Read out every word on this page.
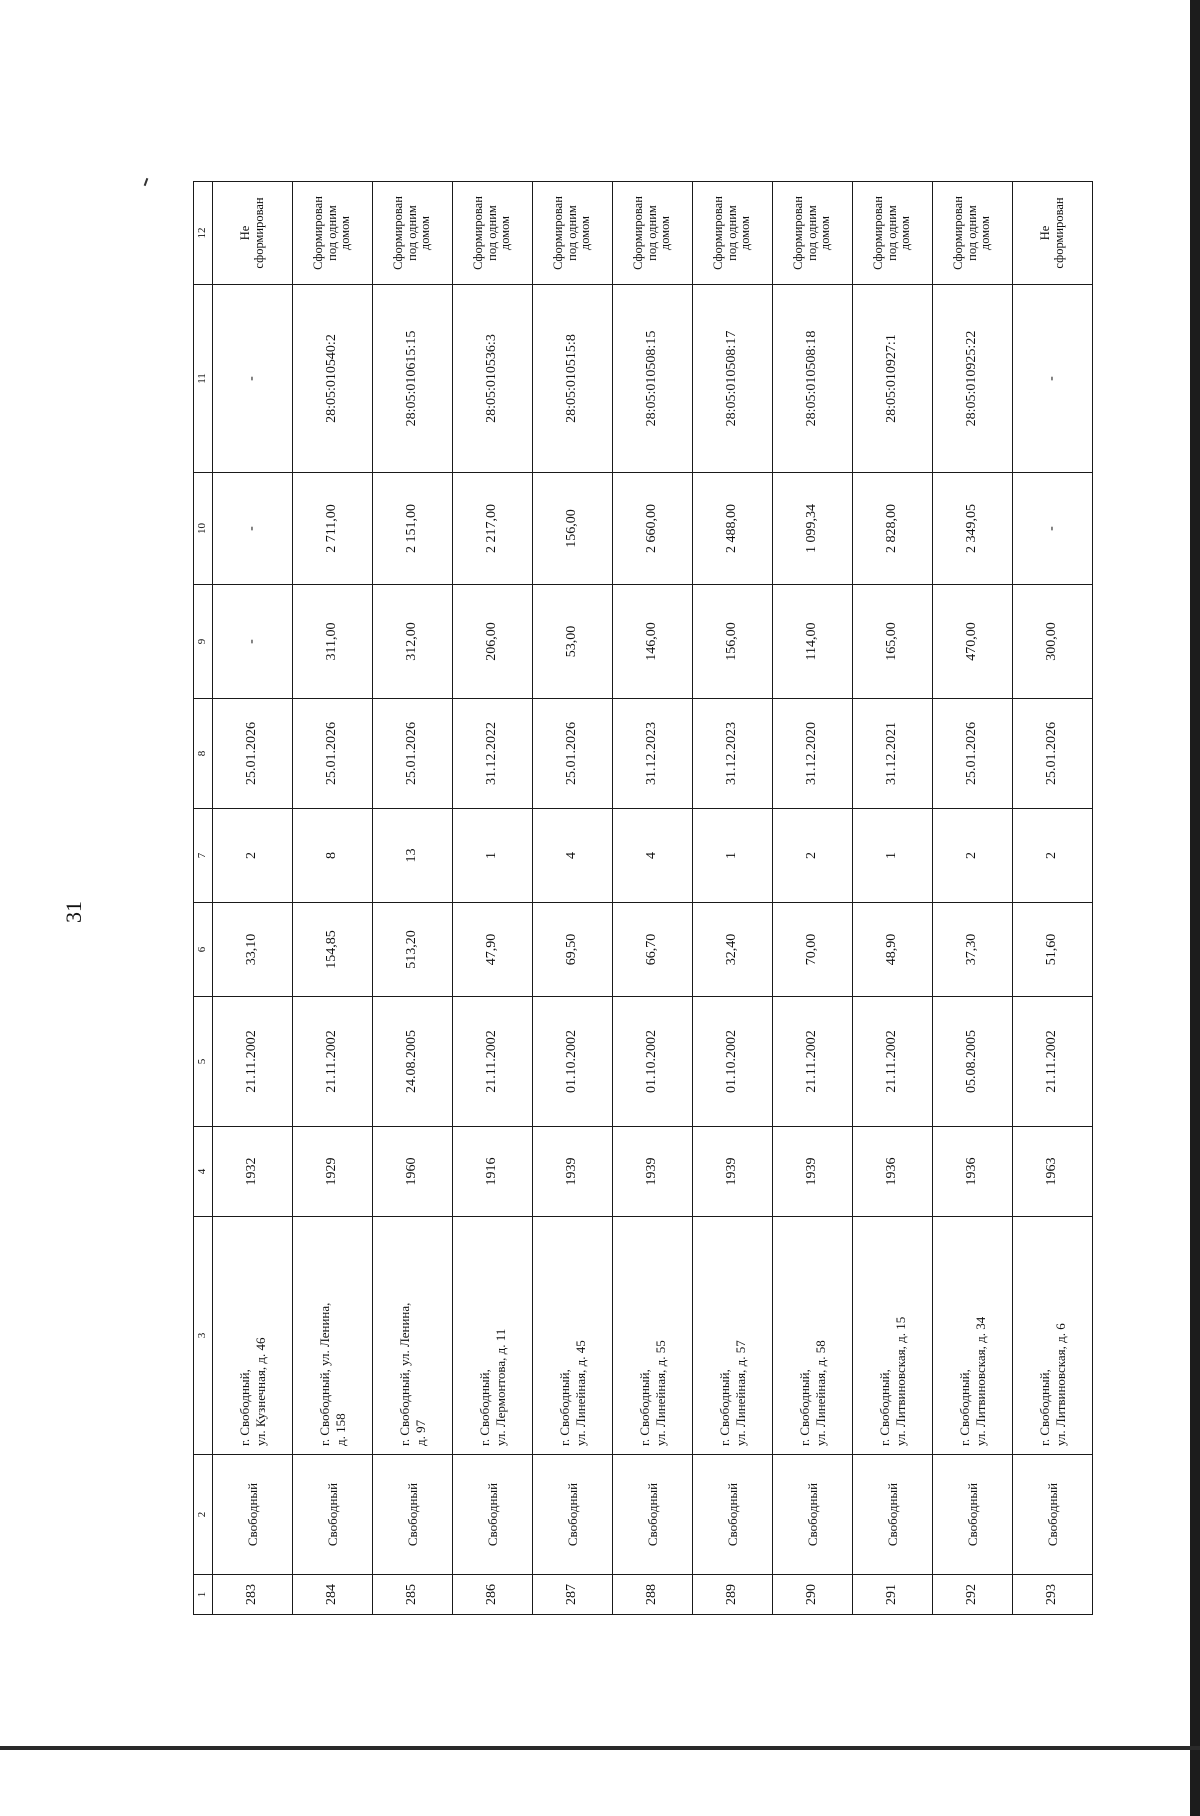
31
1	2	3	4	5	6	7	8	9	10	11	12
283	Свободный	г. Свободный,
ул. Кузнечная, д. 46	1932	21.11.2002	33,10	2	25.01.2026	-	-	-	Не
сформирован
284	Свободный	г. Свободный, ул. Ленина,
д. 158	1929	21.11.2002	154,85	8	25.01.2026	311,00	2 711,00	28:05:010540:2	Сформирован
под одним
домом
285	Свободный	г. Свободный, ул. Ленина,
д. 97	1960	24.08.2005	513,20	13	25.01.2026	312,00	2 151,00	28:05:010615:15	Сформирован
под одним
домом
286	Свободный	г. Свободный,
ул. Лермонтова, д. 11	1916	21.11.2002	47,90	1	31.12.2022	206,00	2 217,00	28:05:010536:3	Сформирован
под одним
домом
287	Свободный	г. Свободный,
ул. Линейная, д. 45	1939	01.10.2002	69,50	4	25.01.2026	53,00	156,00	28:05:010515:8	Сформирован
под одним
домом
288	Свободный	г. Свободный,
ул. Линейная, д. 55	1939	01.10.2002	66,70	4	31.12.2023	146,00	2 660,00	28:05:010508:15	Сформирован
под одним
домом
289	Свободный	г. Свободный,
ул. Линейная, д. 57	1939	01.10.2002	32,40	1	31.12.2023	156,00	2 488,00	28:05:010508:17	Сформирован
под одним
домом
290	Свободный	г. Свободный,
ул. Линейная, д. 58	1939	21.11.2002	70,00	2	31.12.2020	114,00	1 099,34	28:05:010508:18	Сформирован
под одним
домом
291	Свободный	г. Свободный,
ул. Литвиновская, д. 15	1936	21.11.2002	48,90	1	31.12.2021	165,00	2 828,00	28:05:010927:1	Сформирован
под одним
домом
292	Свободный	г. Свободный,
ул. Литвиновская, д. 34	1936	05.08.2005	37,30	2	25.01.2026	470,00	2 349,05	28:05:010925:22	Сформирован
под одним
домом
293	Свободный	г. Свободный,
ул. Литвиновская, д. 6	1963	21.11.2002	51,60	2	25.01.2026	300,00	-	-	Не
сформирован
